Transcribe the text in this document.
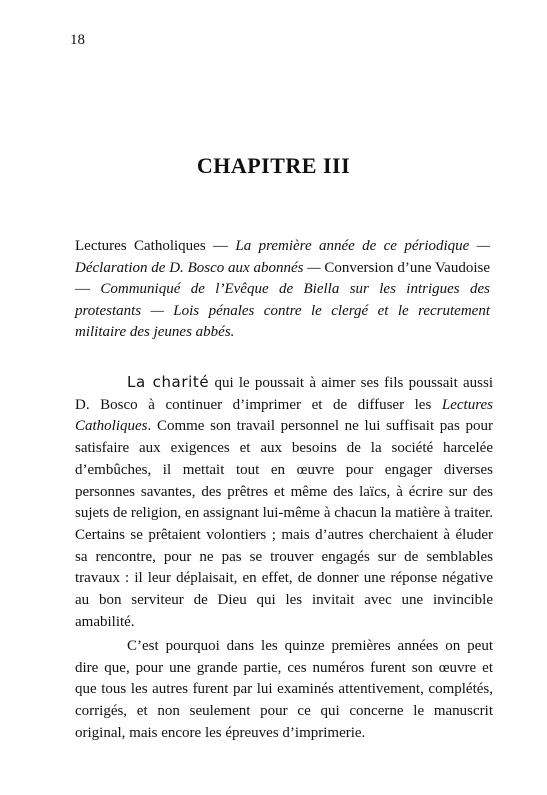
18
CHAPITRE III
Lectures Catholiques — La première année de ce périodique — Déclaration de D. Bosco aux abonnés — Conversion d’une Vaudoise — Communiqué de l’Evêque de Biella sur les intrigues des protestants — Lois pénales contre le clergé et le recrutement militaire des jeunes abbés.

La charité qui le poussait à aimer ses fils poussait aussi D. Bosco à continuer d’imprimer et de diffuser les Lectures Catholiques. Comme son travail personnel ne lui suffisait pas pour satisfaire aux exigences et aux besoins de la société harcelée d’embûches, il mettait tout en œuvre pour engager diverses personnes savantes, des prêtres et même des laïcs, à écrire sur des sujets de religion, en assignant lui-même à chacun la matière à traiter. Certains se prêtaient volontiers ; mais d’autres cherchaient à éluder sa rencontre, pour ne pas se trouver engagés sur de semblables travaux : il leur déplaisait, en effet, de donner une réponse négative au bon serviteur de Dieu qui les invitait avec une invincible amabilité.

C’est pourquoi dans les quinze premières années on peut dire que, pour une grande partie, ces numéros furent son œuvre et que tous les autres furent par lui examinés attentivement, complétés, corrigés, et non seulement pour ce qui concerne le manuscrit original, mais encore les épreuves d’imprimerie.
